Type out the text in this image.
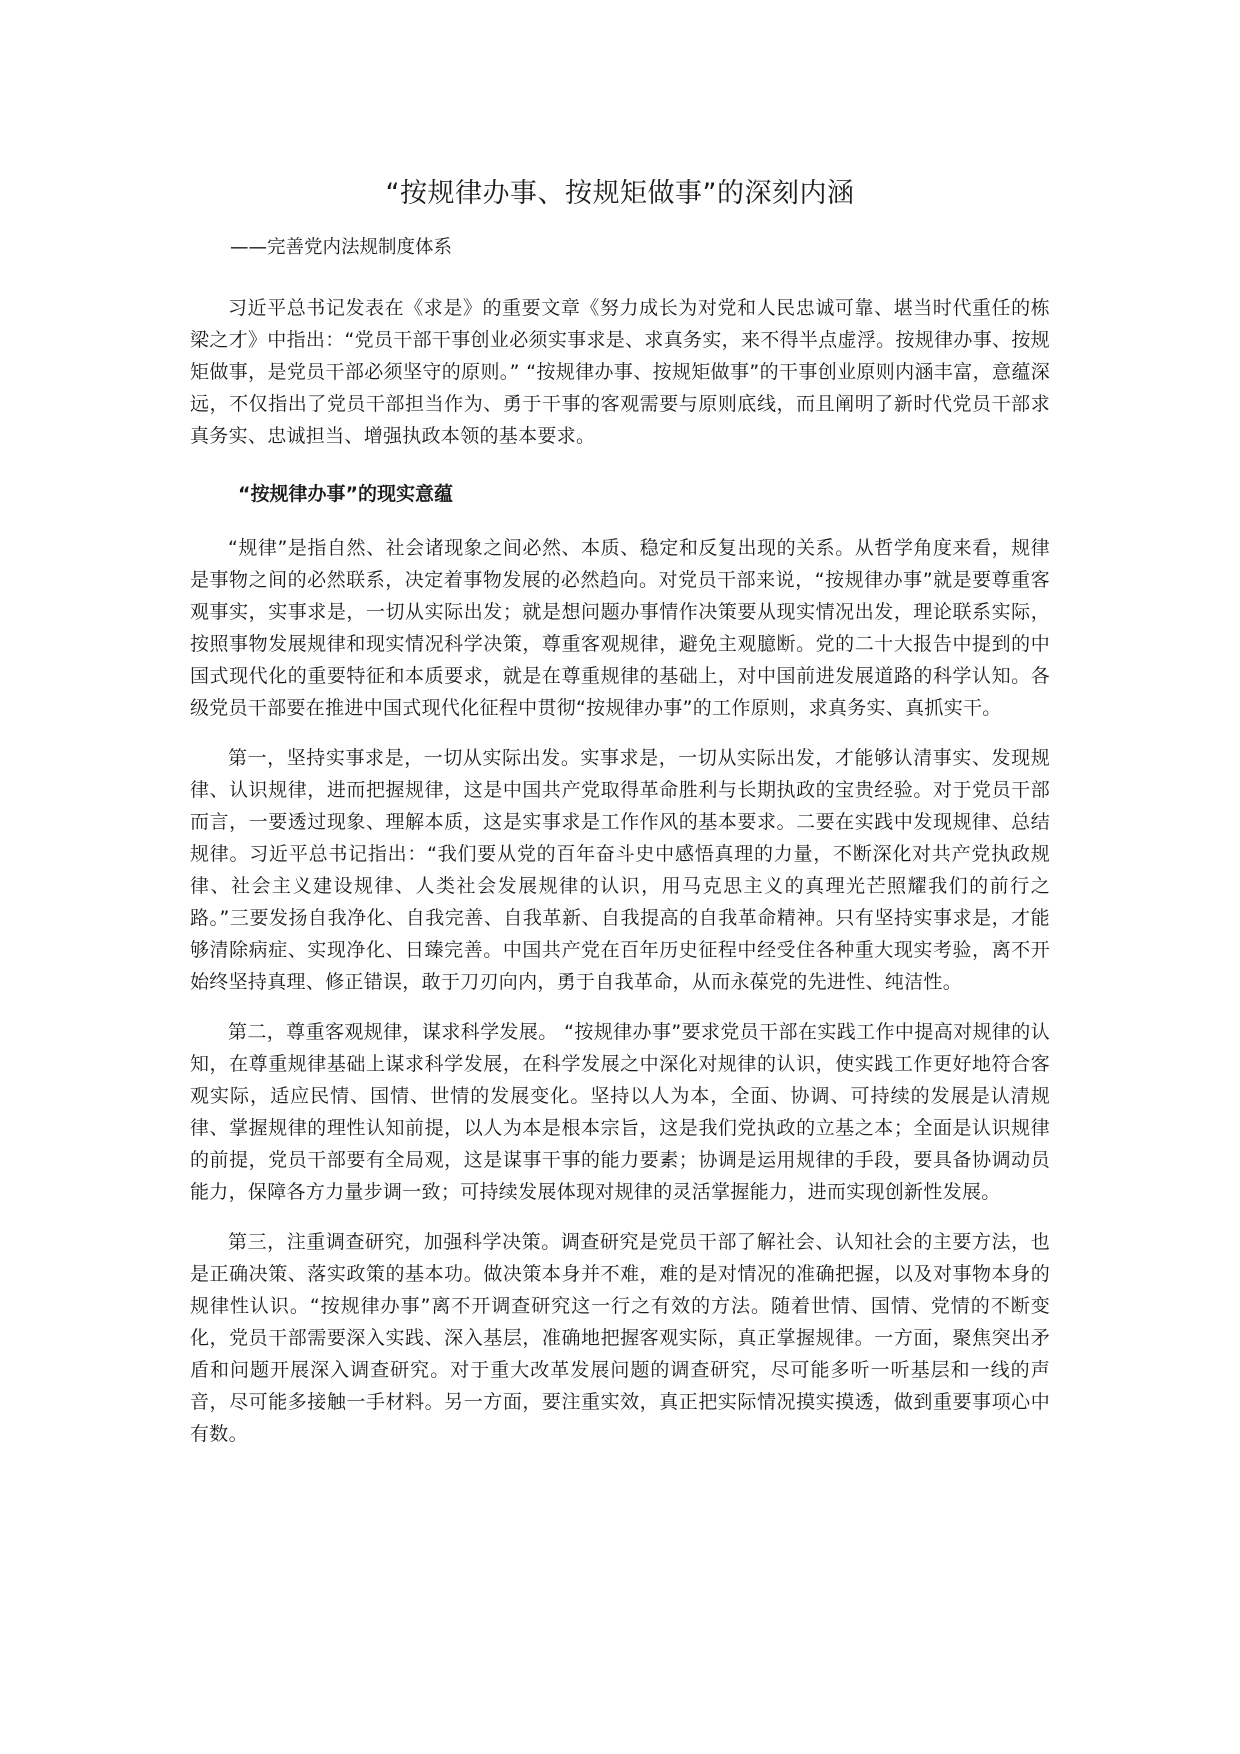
“按规律办事、按规矩做事”的深刻内涵
——完善党内法规制度体系

习近平总书记发表在《求是》的重要文章《努力成长为对党和人民忠诚可靠、堪当时代重任的栋梁之才》中指出：“党员干部干事创业必须实事求是、求真务实，来不得半点虚浮。按规律办事、按规矩做事，是党员干部必须坚守的原则。” “按规律办事、按规矩做事”的干事创业原则内涵丰富，意蕴深远，不仅指出了党员干部担当作为、勇于干事的客观需要与原则底线，而且阐明了新时代党员干部求真务实、忠诚担当、增强执政本领的基本要求。

“按规律办事”的现实意蕴

“规律”是指自然、社会诸现象之间必然、本质、稳定和反复出现的关系。从哲学角度来看，规律是事物之间的必然联系，决定着事物发展的必然趋向。对党员干部来说，“按规律办事”就是要尊重客观事实，实事求是，一切从实际出发；就是想问题办事情作决策要从现实情况出发，理论联系实际，按照事物发展规律和现实情况科学决策，尊重客观规律，避免主观臆断。党的二十大报告中提到的中国式现代化的重要特征和本质要求，就是在尊重规律的基础上，对中国前进发展道路的科学认知。各级党员干部要在推进中国式现代化征程中贯彻“按规律办事”的工作原则，求真务实、真抓实干。

第一，坚持实事求是，一切从实际出发。实事求是，一切从实际出发，才能够认清事实、发现规律、认识规律，进而把握规律，这是中国共产党取得革命胜利与长期执政的宝贵经验。对于党员干部而言，一要透过现象、理解本质，这是实事求是工作作风的基本要求。二要在实践中发现规律、总结规律。习近平总书记指出：“我们要从党的百年奋斗史中感悟真理的力量，不断深化对共产党执政规律、社会主义建设规律、人类社会发展规律的认识，用马克思主义的真理光芒照耀我们的前行之路。”三要发扬自我净化、自我完善、自我革新、自我提高的自我革命精神。只有坚持实事求是，才能够清除病症、实现净化、日臻完善。中国共产党在百年历史征程中经受住各种重大现实考验，离不开始终坚持真理、修正错误，敢于刀刃向内，勇于自我革命，从而永葆党的先进性、纯洁性。

第二，尊重客观规律，谋求科学发展。 “按规律办事”要求党员干部在实践工作中提高对规律的认知，在尊重规律基础上谋求科学发展，在科学发展之中深化对规律的认识，使实践工作更好地符合客观实际，适应民情、国情、世情的发展变化。坚持以人为本，全面、协调、可持续的发展是认清规律、掌握规律的理性认知前提，以人为本是根本宗旨，这是我们党执政的立基之本；全面是认识规律的前提，党员干部要有全局观，这是谋事干事的能力要素；协调是运用规律的手段，要具备协调动员能力，保障各方力量步调一致；可持续发展体现对规律的灵活掌握能力，进而实现创新性发展。

第三，注重调查研究，加强科学决策。调查研究是党员干部了解社会、认知社会的主要方法，也是正确决策、落实政策的基本功。做决策本身并不难，难的是对情况的准确把握，以及对事物本身的规律性认识。“按规律办事”离不开调查研究这一行之有效的方法。随着世情、国情、党情的不断变化，党员干部需要深入实践、深入基层，准确地把握客观实际，真正掌握规律。一方面，聚焦突出矛盾和问题开展深入调查研究。对于重大改革发展问题的调查研究，尽可能多听一听基层和一线的声音，尽可能多接触一手材料。另一方面，要注重实效，真正把实际情况摸实摸透，做到重要事项心中有数。
